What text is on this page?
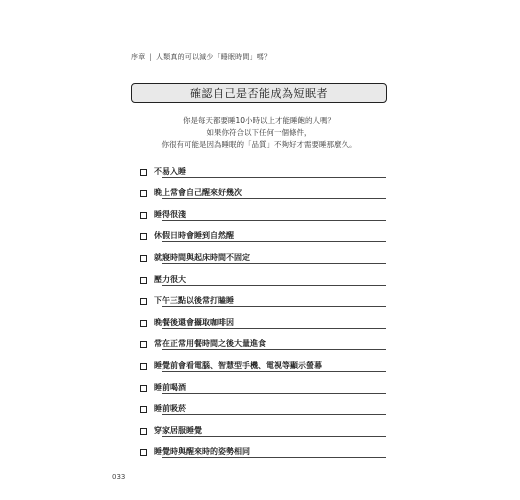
序章 | 人類真的可以減少「睡眠時間」嗎？
確認自己是否能成為短眠者
你是每天都要睡10小時以上才能睡飽的人嗎？
如果你符合以下任何一個條件，
你很有可能是因為睡眠的「品質」不夠好才需要睡那麼久。
不易入睡
晚上常會自己醒來好幾次
睡得很淺
休假日時會睡到自然醒
就寢時間與起床時間不固定
壓力很大
下午三點以後常打瞌睡
晚餐後還會攝取咖啡因
常在正常用餐時間之後大量進食
睡覺前會看電腦、智慧型手機、電視等顯示螢幕
睡前喝酒
睡前吸菸
穿家居服睡覺
睡覺時與醒來時的姿勢相同
033
